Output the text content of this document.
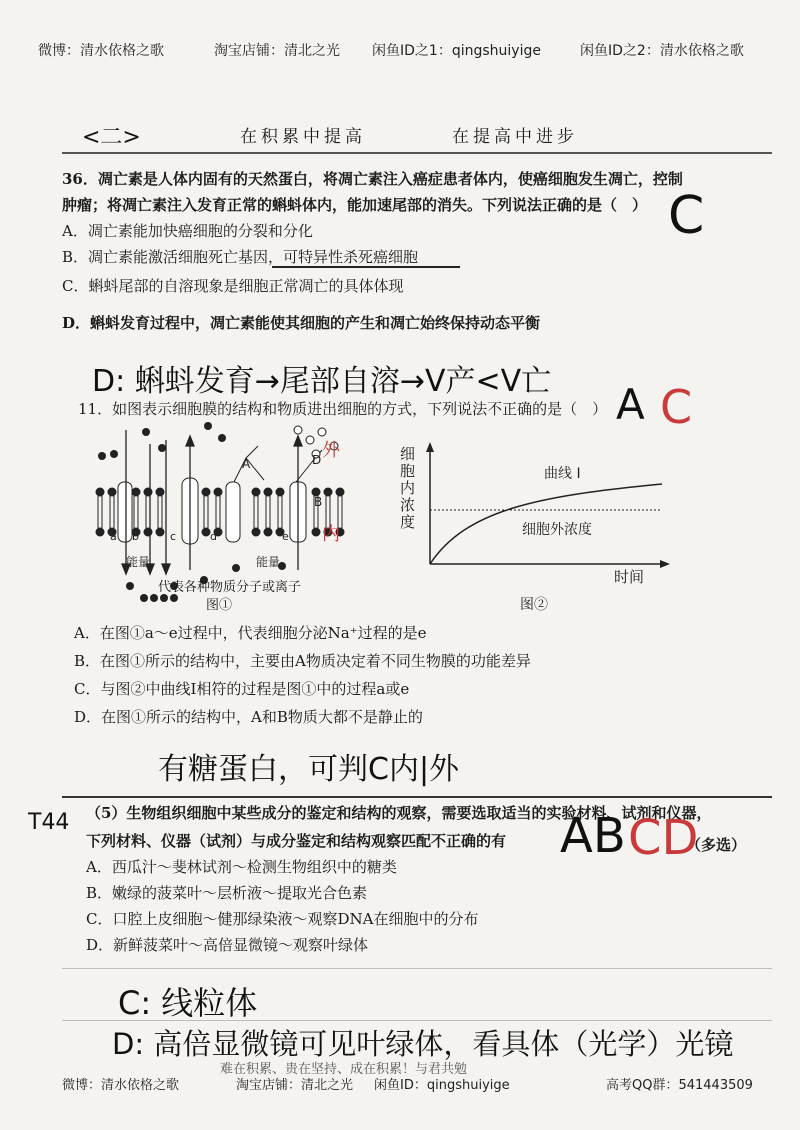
微博：清水依格之歌	淘宝店铺：清北之光 闲鱼ID之1：qingshuiyige	闲鱼ID之2：清水依格之歌
<二>	在积累中提高	在提高中进步
36．凋亡素是人体内固有的天然蛋白，将凋亡素注入癌症患者体内，使癌细胞发生凋亡，控制
肿瘤；将凋亡素注入发育正常的蝌蚪体内，能加速尾部的消失。下列说法正确的是（　） C
A．凋亡素能加快癌细胞的分裂和分化
B．凋亡素能激活细胞死亡基因，可特异性杀死癌细胞
C．蝌蚪尾部的自溶现象是细胞正常凋亡的具体体现
D．蝌蚪发育过程中，凋亡素能使其细胞的产生和凋亡始终保持动态平衡
D: 蝌蚪发育→尾部自溶→V产<V亡
11．如图表示细胞膜的结构和物质进出细胞的方式，下列说法不正确的是（　） A C
a b	c	d	e
A
B
D
能量	能量
外
内
代表各种物质分子或离子
图①
曲线 I
细胞外浓度
细胞内浓度
时间
图②
A．在图①a～e过程中，代表细胞分泌Na⁺过程的是e
B．在图①所示的结构中，主要由A物质决定着不同生物膜的功能差异
C．与图②中曲线Ⅰ相符的过程是图①中的过程a或e
D．在图①所示的结构中，A和B物质大都不是静止的
有糖蛋白，可判C内|外
T44 （5）生物组织细胞中某些成分的鉴定和结构的观察，需要选取适当的实验材料、试剂和仪器，
下列材料、仪器（试剂）与成分鉴定和结构观察匹配不正确的有	（多选）
AB CD
A．西瓜汁～斐林试剂～检测生物组织中的糖类
B．嫩绿的菠菜叶～层析液～提取光合色素
C．口腔上皮细胞～健那绿染液～观察DNA在细胞中的分布
D．新鲜菠菜叶～高倍显微镜～观察叶绿体
C: 线粒体
D: 高倍显微镜可见叶绿体，看具体（光学）光镜
微博：清水依格之歌	淘宝店铺：清北之光 闲鱼ID：qingshuiyige	高考QQ群：541443509
难在积累、贵在坚持、成在积累！与君共勉
